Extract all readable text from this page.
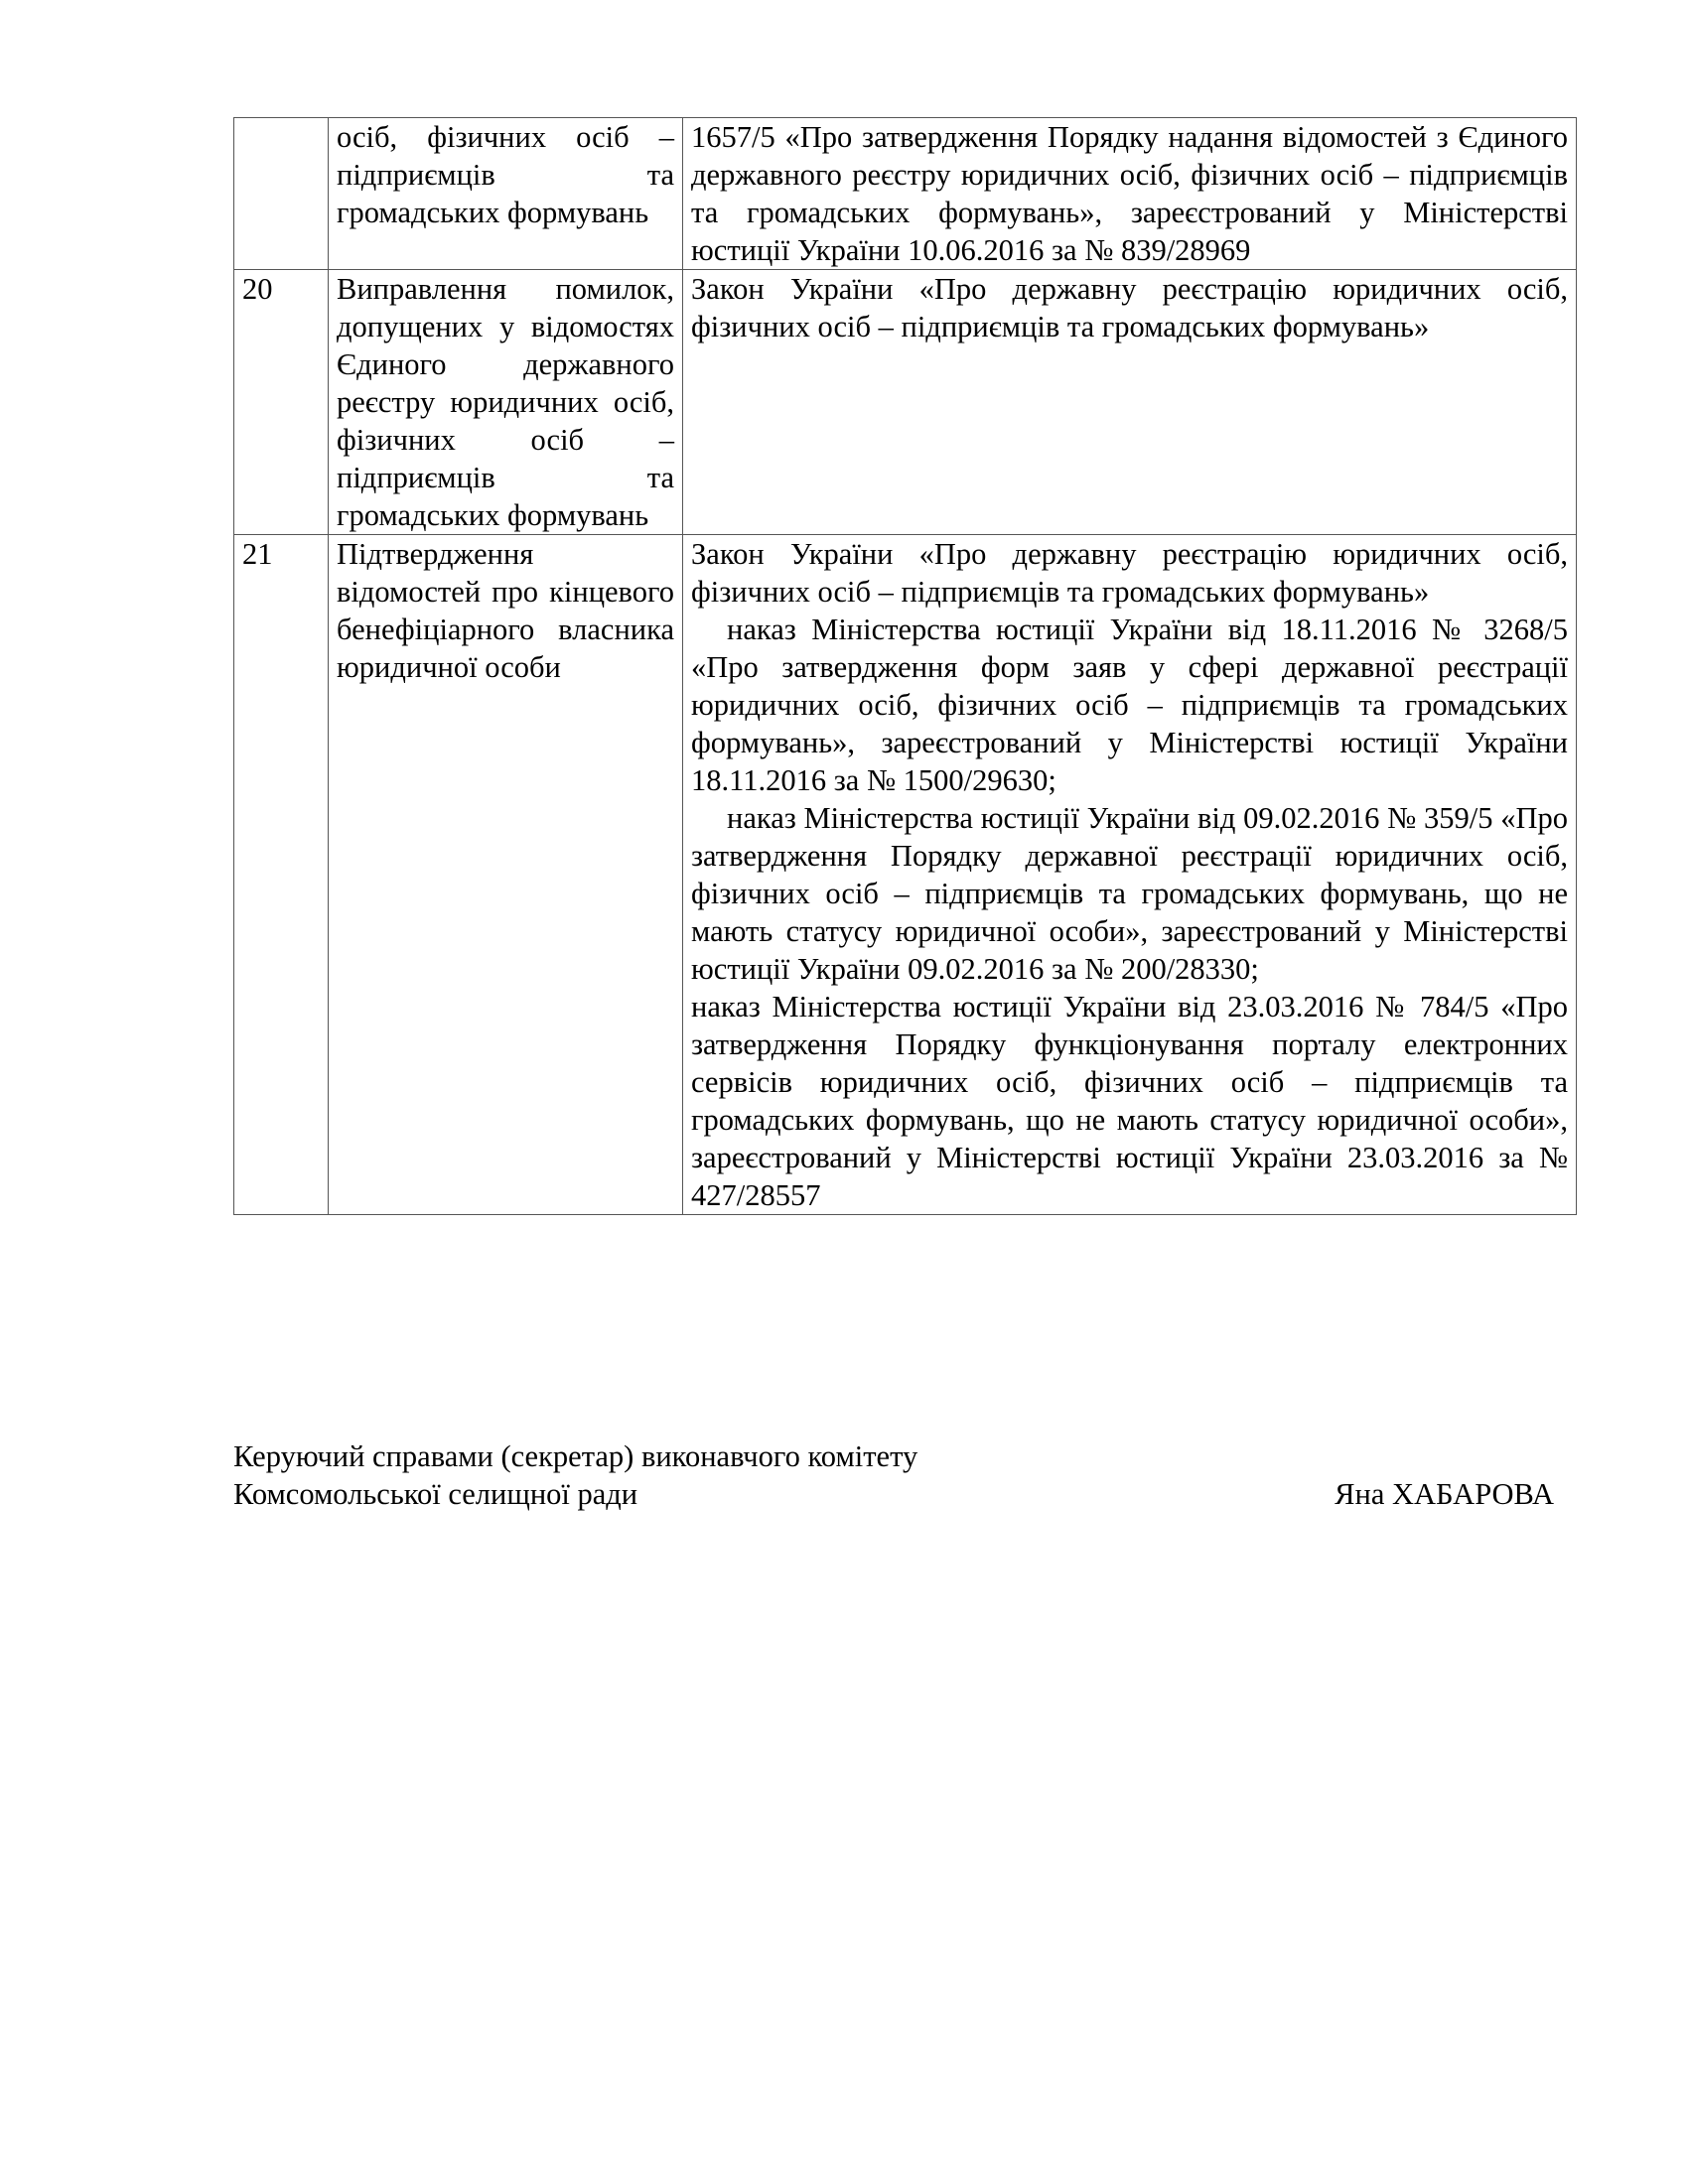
	осіб, фізичних осіб – підприємців та громадських формувань	1657/5 «Про затвердження Порядку надання відомостей з Єдиного державного реєстру юридичних осіб, фізичних осіб – підприємців та громадських формувань», зареєстрований у Міністерстві юстиції України 10.06.2016 за № 839/28969

20	Виправлення помилок, допущених у відомостях Єдиного державного реєстру юридичних осіб, фізичних осіб – підприємців та громадських формувань	Закон України «Про державну реєстрацію юридичних осіб, фізичних осіб – підприємців та громадських формувань»

21	Підтвердження відомостей про кінцевого бенефіціарного власника юридичної особи	Закон України «Про державну реєстрацію юридичних осіб, фізичних осіб – підприємців та громадських формувань»
наказ Міністерства юстиції України від 18.11.2016 № 3268/5 «Про затвердження форм заяв у сфері державної реєстрації юридичних осіб, фізичних осіб – підприємців та громадських формувань», зареєстрований у Міністерстві юстиції України 18.11.2016 за № 1500/29630;
наказ Міністерства юстиції України від 09.02.2016 № 359/5 «Про затвердження Порядку державної реєстрації юридичних осіб, фізичних осіб – підприємців та громадських формувань, що не мають статусу юридичної особи», зареєстрований у Міністерстві юстиції України 09.02.2016 за № 200/28330;
наказ Міністерства юстиції України від 23.03.2016 № 784/5 «Про затвердження Порядку функціонування порталу електронних сервісів юридичних осіб, фізичних осіб – підприємців та громадських формувань, що не мають статусу юридичної особи», зареєстрований у Міністерстві юстиції України 23.03.2016 за № 427/28557
Керуючий справами (секретар) виконавчого комітету
Комсомольської селищної ради	Яна ХАБАРОВА
